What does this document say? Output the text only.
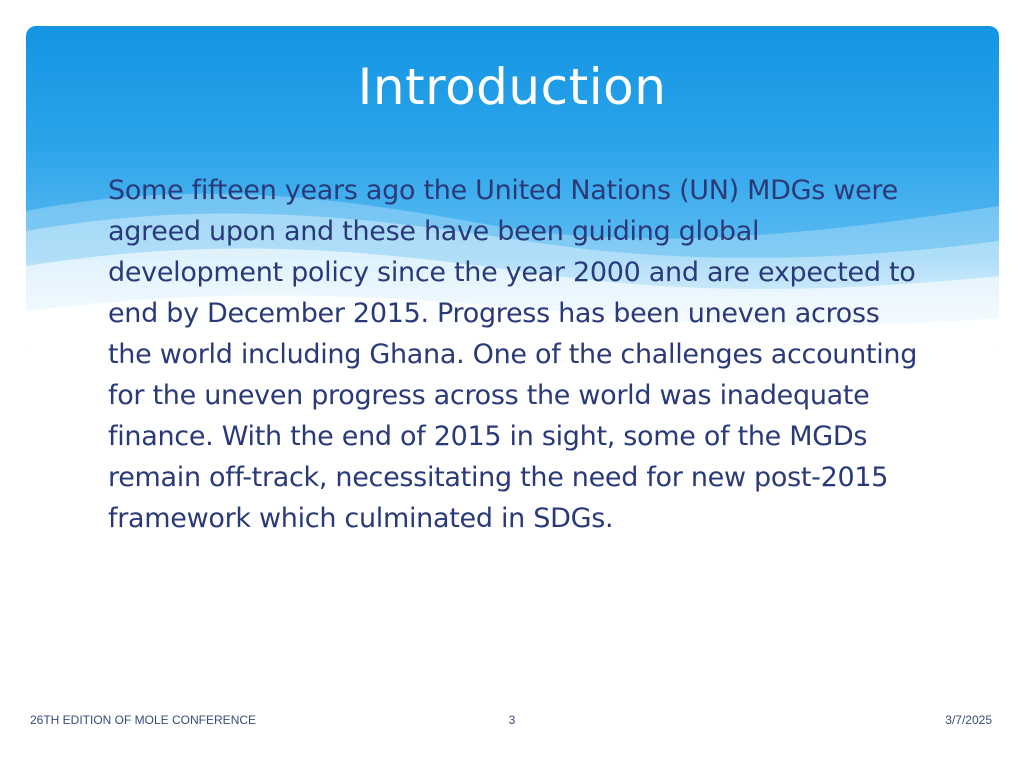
Introduction
Some fifteen years ago the United Nations (UN) MDGs were agreed upon and these have been guiding global development policy since the year 2000 and are expected to end by December 2015. Progress has been uneven across the world including Ghana. One of the challenges accounting for the uneven progress across the world was inadequate finance. With the end of 2015 in sight, some of the MGDs remain off-track, necessitating the need for new post-2015 framework which culminated in SDGs.
26TH EDITION OF MOLE CONFERENCE	3	3/7/2025
